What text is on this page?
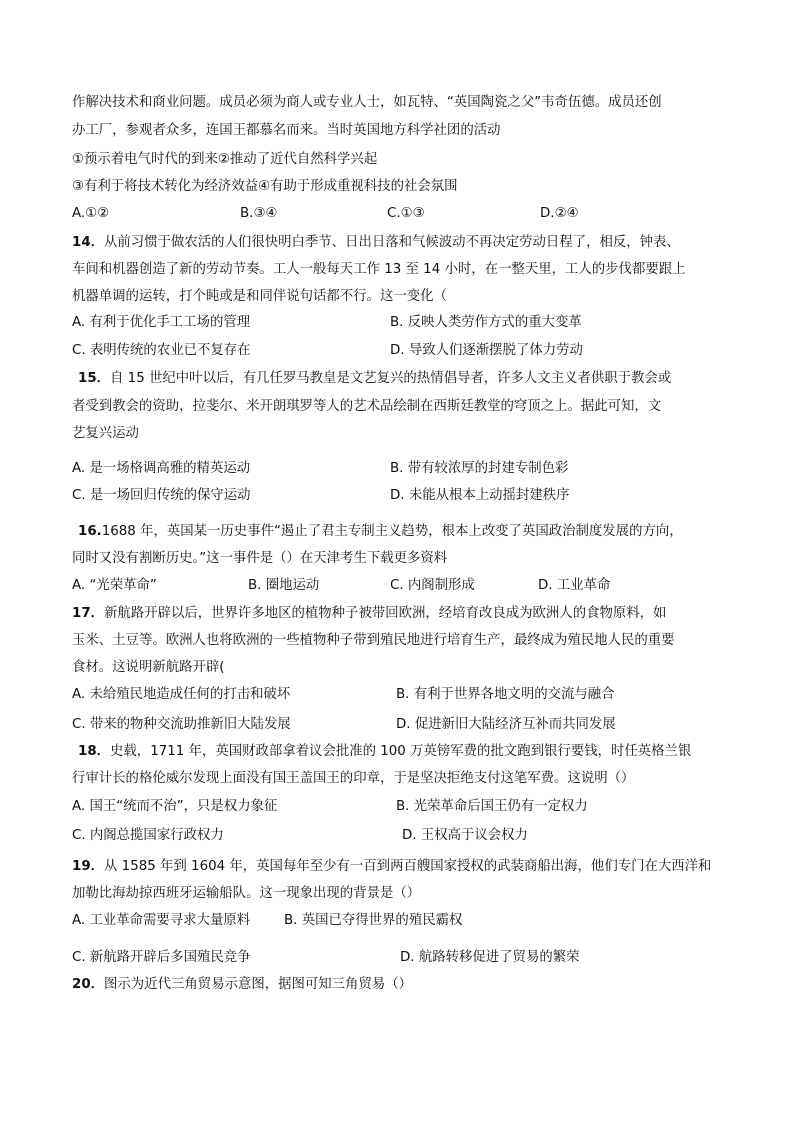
作解决技术和商业问题。成员必须为商人或专业人士，如瓦特、“英国陶瓷之父”韦奇伍德。成员还创
办工厂，参观者众多，连国王都慕名而来。当时英国地方科学社团的活动
①预示着电气时代的到来②推动了近代自然科学兴起
③有利于将技术转化为经济效益④有助于形成重视科技的社会氛围
A.①②	B.③④	C.①③	D.②④
14．从前习惯于做农活的人们很快明白季节、日出日落和气候波动不再决定劳动日程了，相反，钟表、
车间和机器创造了新的劳动节奏。工人一般每天工作 13 至 14 小时，在一整天里，工人的步伐都要跟上
机器单调的运转，打个盹或是和同伴说句话都不行。这一变化（
A. 有利于优化手工工场的管理	B. 反映人类劳作方式的重大变革
C. 表明传统的农业已不复存在	D. 导致人们逐渐摆脱了体力劳动
15．自 15 世纪中叶以后，有几任罗马教皇是文艺复兴的热情倡导者，许多人文主义者供职于教会或
者受到教会的资助，拉斐尔、米开朗琪罗等人的艺术品绘制在西斯廷教堂的穹顶之上。据此可知，文
艺复兴运动
A. 是一场格调高雅的精英运动	B. 带有较浓厚的封建专制色彩
C. 是一场回归传统的保守运动	D. 未能从根本上动摇封建秩序
16.1688 年，英国某一历史事件“遏止了君主专制主义趋势，根本上改变了英国政治制度发展的方向，
同时又没有割断历史。”这一事件是（）在天津考生下载更多资料
A. “光荣革命”	B. 圈地运动	C. 内阁制形成	D. 工业革命
17．新航路开辟以后，世界许多地区的植物种子被带回欧洲，经培育改良成为欧洲人的食物原料，如
玉米、土豆等。欧洲人也将欧洲的一些植物种子带到殖民地进行培育生产，最终成为殖民地人民的重要
食材。这说明新航路开辟(
A. 未给殖民地造成任何的打击和破坏	B. 有利于世界各地文明的交流与融合
C. 带来的物种交流助推新旧大陆发展	D. 促进新旧大陆经济互补而共同发展
18．史载，1711 年，英国财政部拿着议会批准的 100 万英镑军费的批文跑到银行要钱，时任英格兰银
行审计长的格伦威尔发现上面没有国王盖国王的印章，于是坚决拒绝支付这笔军费。这说明（）
A. 国王“统而不治”，只是权力象征	B. 光荣革命后国王仍有一定权力
C. 内阁总揽国家行政权力	D. 王权高于议会权力
19．从 1585 年到 1604 年，英国每年至少有一百到两百艘国家授权的武装商船出海，他们专门在大西洋和
加勒比海劫掠西班牙运输船队。这一现象出现的背景是（）
A. 工业革命需要寻求大量原料	B. 英国已夺得世界的殖民霸权
C. 新航路开辟后多国殖民竞争	D. 航路转移促进了贸易的繁荣
20．图示为近代三角贸易示意图，据图可知三角贸易（）
